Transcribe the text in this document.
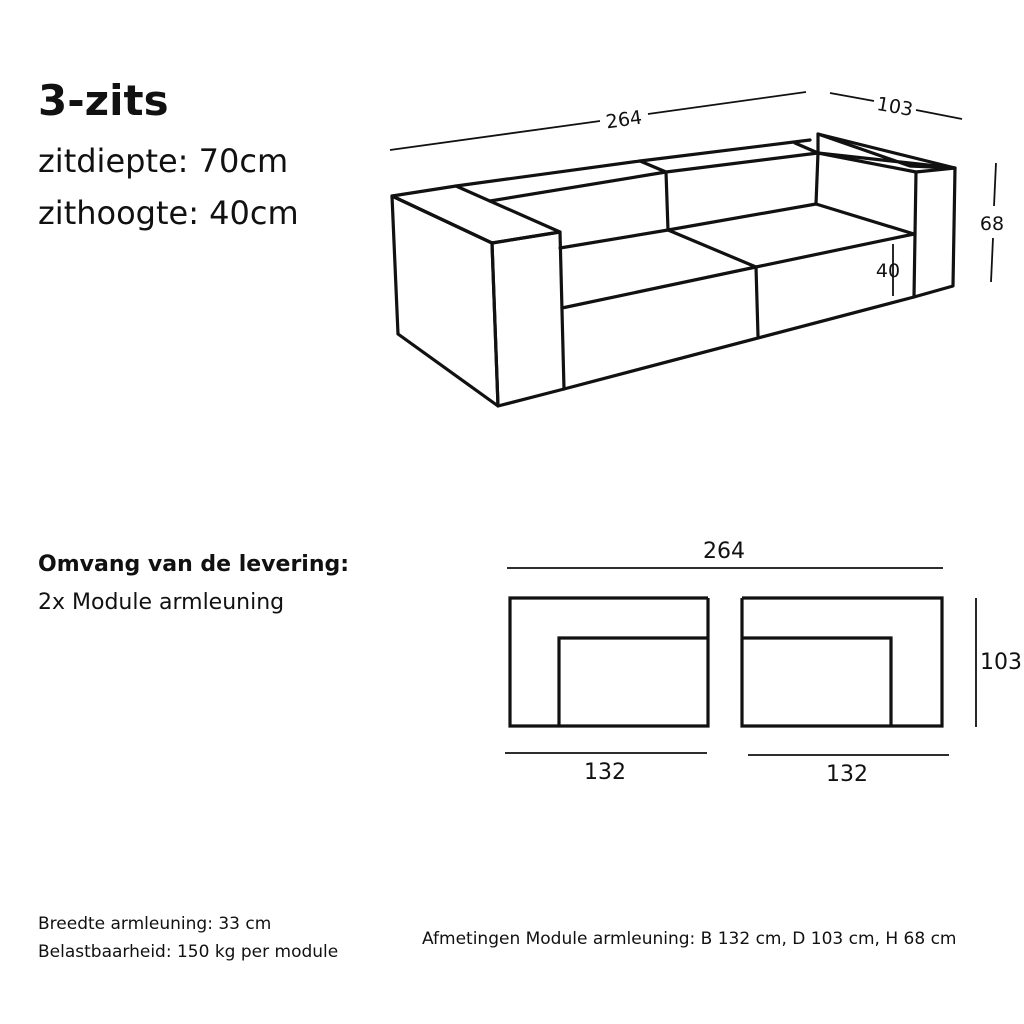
3-zits
zitdiepte: 70cm
zithoogte: 40cm
264	103
68
40
264
103
132	132
Omvang van de levering:
2x Module armleuning
Breedte armleuning: 33 cm
Belastbaarheid: 150 kg per module
Afmetingen Module armleuning: B 132 cm, D 103 cm, H 68 cm
